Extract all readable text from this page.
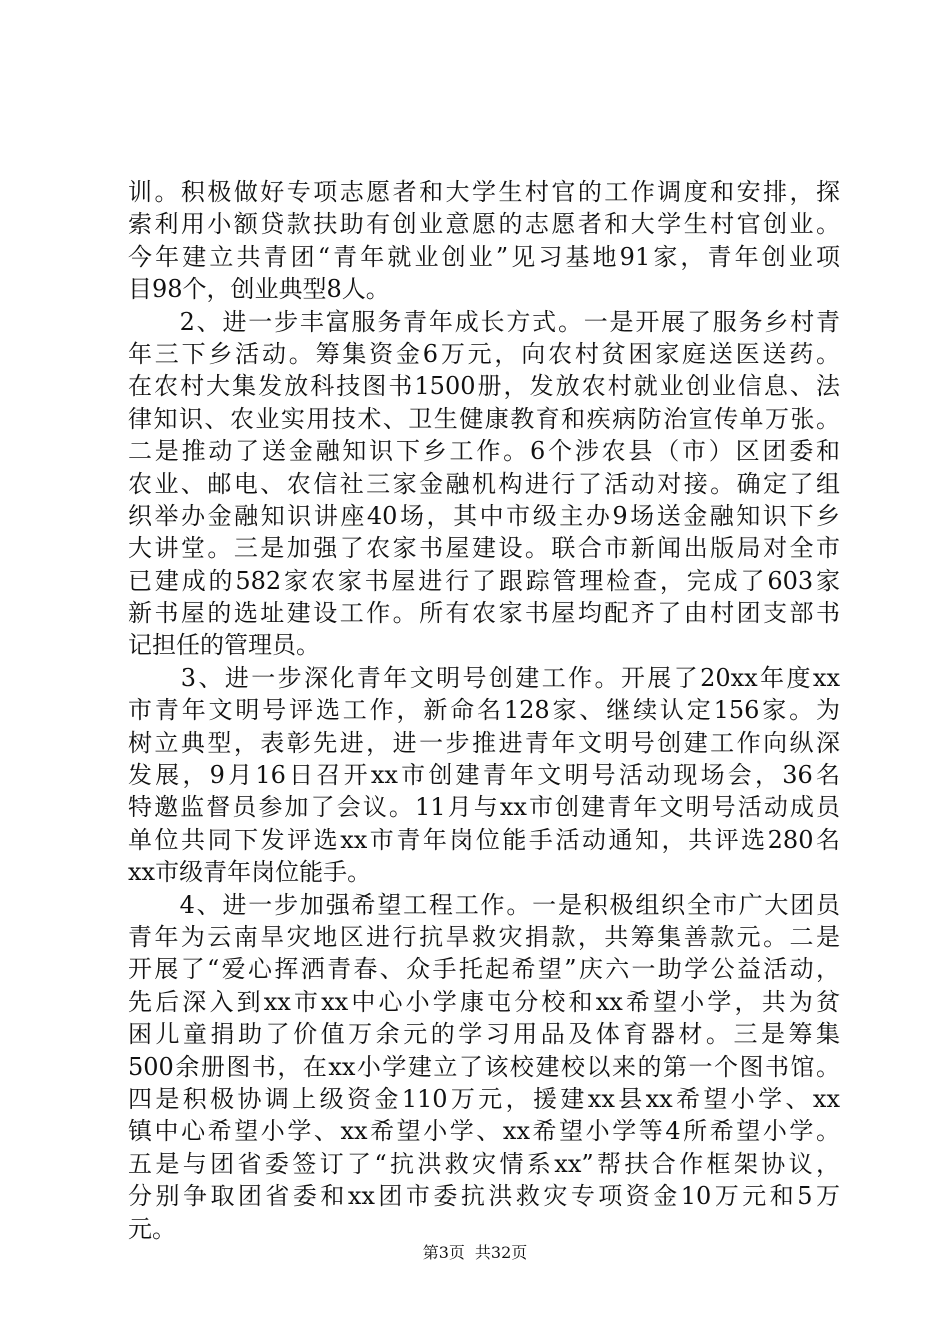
训。积极做好专项志愿者和大学生村官的工作调度和安排，探
索利用小额贷款扶助有创业意愿的志愿者和大学生村官创业。
今年建立共青团“青年就业创业”见习基地91家，青年创业项
目98个，创业典型8人。
　　2、进一步丰富服务青年成长方式。一是开展了服务乡村青
年三下乡活动。筹集资金6万元，向农村贫困家庭送医送药。
在农村大集发放科技图书1500册，发放农村就业创业信息、法
律知识、农业实用技术、卫生健康教育和疾病防治宣传单万张。
二是推动了送金融知识下乡工作。6个涉农县（市）区团委和
农业、邮电、农信社三家金融机构进行了活动对接。确定了组
织举办金融知识讲座40场，其中市级主办9场送金融知识下乡
大讲堂。三是加强了农家书屋建设。联合市新闻出版局对全市
已建成的582家农家书屋进行了跟踪管理检查，完成了603家
新书屋的选址建设工作。所有农家书屋均配齐了由村团支部书
记担任的管理员。
　　3、进一步深化青年文明号创建工作。开展了20xx年度xx
市青年文明号评选工作，新命名128家、继续认定156家。为
树立典型，表彰先进，进一步推进青年文明号创建工作向纵深
发展，9月16日召开xx市创建青年文明号活动现场会，36名
特邀监督员参加了会议。11月与xx市创建青年文明号活动成员
单位共同下发评选xx市青年岗位能手活动通知，共评选280名
xx市级青年岗位能手。
　　4、进一步加强希望工程工作。一是积极组织全市广大团员
青年为云南旱灾地区进行抗旱救灾捐款，共筹集善款元。二是
开展了“爱心挥洒青春、众手托起希望”庆六一助学公益活动，
先后深入到xx市xx中心小学康屯分校和xx希望小学，共为贫
困儿童捐助了价值万余元的学习用品及体育器材。三是筹集
500余册图书，在xx小学建立了该校建校以来的第一个图书馆。
四是积极协调上级资金110万元，援建xx县xx希望小学、xx
镇中心希望小学、xx希望小学、xx希望小学等4所希望小学。
五是与团省委签订了“抗洪救灾情系xx”帮扶合作框架协议，
分别争取团省委和xx团市委抗洪救灾专项资金10万元和5万
元。
第3页 共32页
